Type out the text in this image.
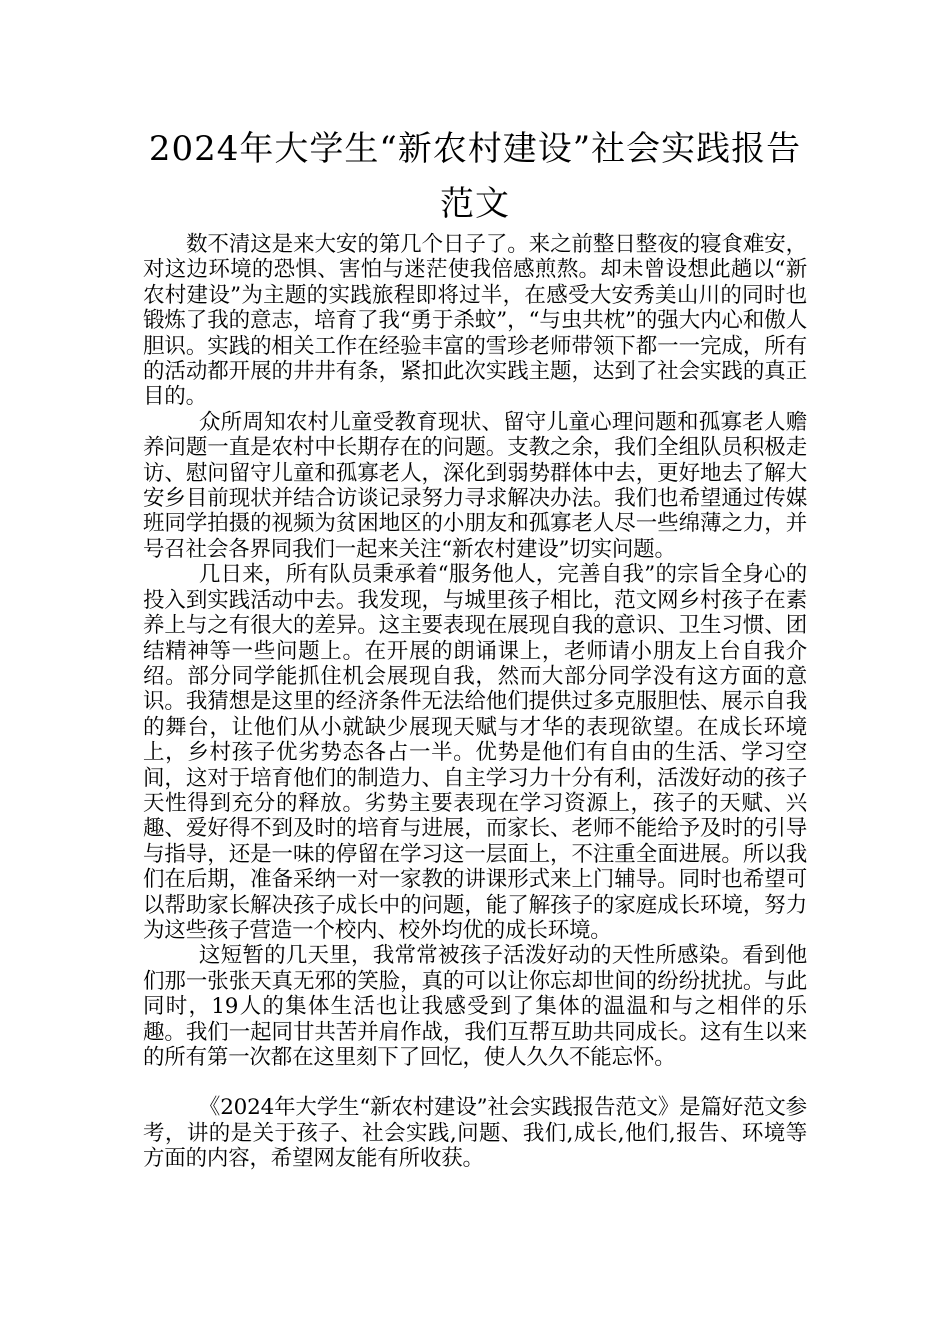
2024年大学生“新农村建设”社会实践报告范文

数不清这是来大安的第几个日子了。来之前整日整夜的寝食难安，对这边环境的恐惧、害怕与迷茫使我倍感煎熬。却未曾设想此趟以“新农村建设”为主题的实践旅程即将过半，在感受大安秀美山川的同时也锻炼了我的意志，培育了我“勇于杀蚊”，“与虫共枕”的强大内心和傲人胆识。实践的相关工作在经验丰富的雪珍老师带领下都一一完成，所有的活动都开展的井井有条，紧扣此次实践主题，达到了社会实践的真正目的。

众所周知农村儿童受教育现状、留守儿童心理问题和孤寡老人赡养问题一直是农村中长期存在的问题。支教之余，我们全组队员积极走访、慰问留守儿童和孤寡老人，深化到弱势群体中去，更好地去了解大安乡目前现状并结合访谈记录努力寻求解决办法。我们也希望通过传媒班同学拍摄的视频为贫困地区的小朋友和孤寡老人尽一些绵薄之力，并号召社会各界同我们一起来关注“新农村建设”切实问题。

几日来，所有队员秉承着“服务他人，完善自我”的宗旨全身心的投入到实践活动中去。我发现，与城里孩子相比，范文网乡村孩子在素养上与之有很大的差异。这主要表现在展现自我的意识、卫生习惯、团结精神等一些问题上。在开展的朗诵课上，老师请小朋友上台自我介绍。部分同学能抓住机会展现自我，然而大部分同学没有这方面的意识。我猜想是这里的经济条件无法给他们提供过多克服胆怯、展示自我的舞台，让他们从小就缺少展现天赋与才华的表现欲望。在成长环境上，乡村孩子优劣势态各占一半。优势是他们有自由的生活、学习空间，这对于培育他们的制造力、自主学习力十分有利，活泼好动的孩子天性得到充分的释放。劣势主要表现在学习资源上，孩子的天赋、兴趣、爱好得不到及时的培育与进展，而家长、老师不能给予及时的引导与指导，还是一味的停留在学习这一层面上，不注重全面进展。所以我们在后期，准备采纳一对一家教的讲课形式来上门辅导。同时也希望可以帮助家长解决孩子成长中的问题，能了解孩子的家庭成长环境，努力为这些孩子营造一个校内、校外均优的成长环境。

这短暂的几天里，我常常被孩子活泼好动的天性所感染。看到他们那一张张天真无邪的笑脸，真的可以让你忘却世间的纷纷扰扰。与此同时，19人的集体生活也让我感受到了集体的温温和与之相伴的乐趣。我们一起同甘共苦并肩作战，我们互帮互助共同成长。这有生以来的所有第一次都在这里刻下了回忆，使人久久不能忘怀。

《2024年大学生“新农村建设”社会实践报告范文》是篇好范文参考，讲的是关于孩子、社会实践,问题、我们,成长,他们,报告、环境等方面的内容，希望网友能有所收获。
